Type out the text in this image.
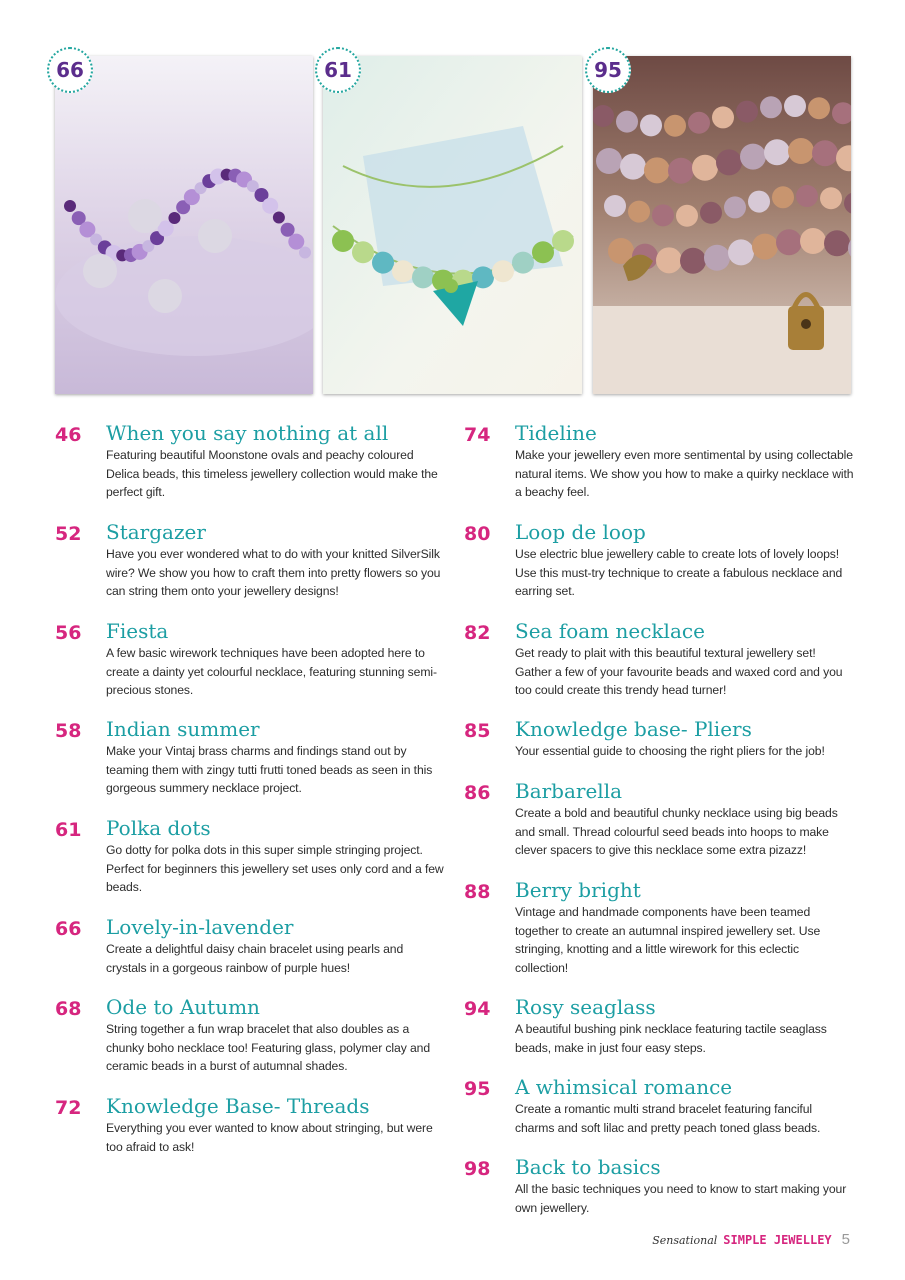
66	61	95
46	When you say nothing at all
Featuring beautiful Moonstone ovals and peachy coloured Delica beads, this timeless jewellery collection would make the perfect gift.
52	Stargazer
Have you ever wondered what to do with your knitted SilverSilk wire? We show you how to craft them into pretty flowers so you can string them onto your jewellery designs!
56	Fiesta
A few basic wirework techniques have been adopted here to create a dainty yet colourful necklace, featuring stunning semi-precious stones.
58	Indian summer
Make your Vintaj brass charms and findings stand out by teaming them with zingy tutti frutti toned beads as seen in this gorgeous summery necklace project.
61	Polka dots
Go dotty for polka dots in this super simple stringing project. Perfect for beginners this jewellery set uses only cord and a few beads.
66	Lovely-in-lavender
Create a delightful daisy chain bracelet using pearls and crystals in a gorgeous rainbow of purple hues!
68	Ode to Autumn
String together a fun wrap bracelet that also doubles as a chunky boho necklace too! Featuring glass, polymer clay and ceramic beads in a burst of autumnal shades.
72	Knowledge Base- Threads
Everything you ever wanted to know about stringing, but were too afraid to ask!
74	Tideline
Make your jewellery even more sentimental by using collectable natural items. We show you how to make a quirky necklace with a beachy feel.
80	Loop de loop
Use electric blue jewellery cable to create lots of lovely loops! Use this must-try technique to create a fabulous necklace and earring set.
82	Sea foam necklace
Get ready to plait with this beautiful textural jewellery set! Gather a few of your favourite beads and waxed cord and you too could create this trendy head turner!
85	Knowledge base- Pliers
Your essential guide to choosing the right pliers for the job!
86	Barbarella
Create a bold and beautiful chunky necklace using big beads and small. Thread colourful seed beads into hoops to make clever spacers to give this necklace some extra pizazz!
88	Berry bright
Vintage and handmade components have been teamed together to create an autumnal inspired jewellery set. Use stringing, knotting and a little wirework for this eclectic collection!
94	Rosy seaglass
A beautiful bushing pink necklace featuring tactile seaglass beads, make in just four easy steps.
95	A whimsical romance
Create a romantic multi strand bracelet featuring fanciful charms and soft lilac and pretty peach toned glass beads.
98	Back to basics
All the basic techniques you need to know to start making your own jewellery.
Sensational SIMPLE JEWELLEY 5
